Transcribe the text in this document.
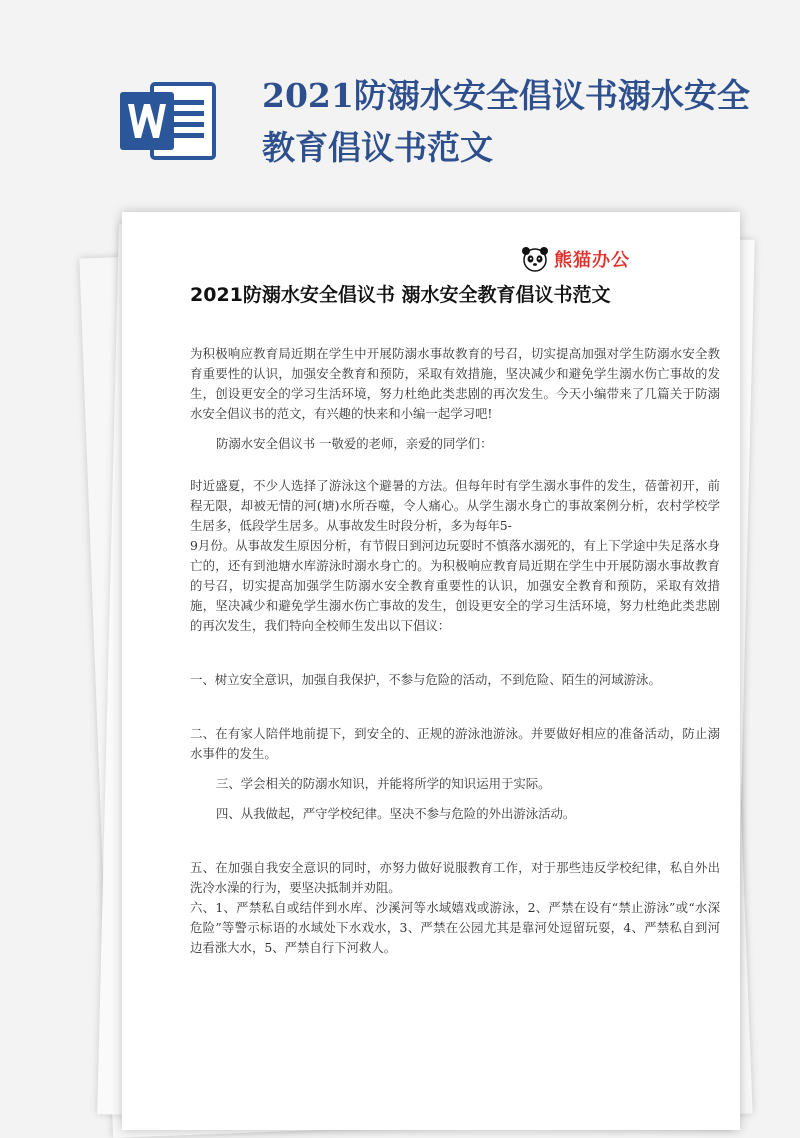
2021防溺水安全倡议书溺水安全教育倡议书范文
熊猫办公
2021防溺水安全倡议书 溺水安全教育倡议书范文

为积极响应教育局近期在学生中开展防溺水事故教育的号召，切实提高加强对学生防溺水安全教育重要性的认识，加强安全教育和预防，采取有效措施，坚决减少和避免学生溺水伤亡事故的发生，创设更安全的学习生活环境，努力杜绝此类悲剧的再次发生。今天小编带来了几篇关于防溺水安全倡议书的范文，有兴趣的快来和小编一起学习吧!

防溺水安全倡议书 一敬爱的老师，亲爱的同学们：

时近盛夏，不少人选择了游泳这个避暑的方法。但每年时有学生溺水事件的发生，蓓蕾初开，前程无限，却被无情的河(塘)水所吞噬，令人痛心。从学生溺水身亡的事故案例分析，农村学校学生居多，低段学生居多。从事故发生时段分析，多为每年5-

9月份。从事故发生原因分析，有节假日到河边玩耍时不慎落水溺死的，有上下学途中失足落水身亡的，还有到池塘水库游泳时溺水身亡的。为积极响应教育局近期在学生中开展防溺水事故教育的号召，切实提高加强学生防溺水安全教育重要性的认识，加强安全教育和预防，采取有效措施，坚决减少和避免学生溺水伤亡事故的发生，创设更安全的学习生活环境，努力杜绝此类悲剧的再次发生，我们特向全校师生发出以下倡议：

一、树立安全意识，加强自我保护，不参与危险的活动，不到危险、陌生的河域游泳。

二、在有家人陪伴地前提下，到安全的、正规的游泳池游泳。并要做好相应的准备活动，防止溺水事件的发生。

三、学会相关的防溺水知识，并能将所学的知识运用于实际。

四、从我做起，严守学校纪律。坚决不参与危险的外出游泳活动。

五、在加强自我安全意识的同时，亦努力做好说服教育工作，对于那些违反学校纪律，私自外出洗冷水澡的行为，要坚决抵制并劝阻。

六、1、严禁私自或结伴到水库、沙溪河等水域嬉戏或游泳，2、严禁在设有“禁止游泳”或“水深危险”等警示标语的水域处下水戏水，3、严禁在公园尤其是靠河处逗留玩耍，4、严禁私自到河边看涨大水，5、严禁自行下河救人。
